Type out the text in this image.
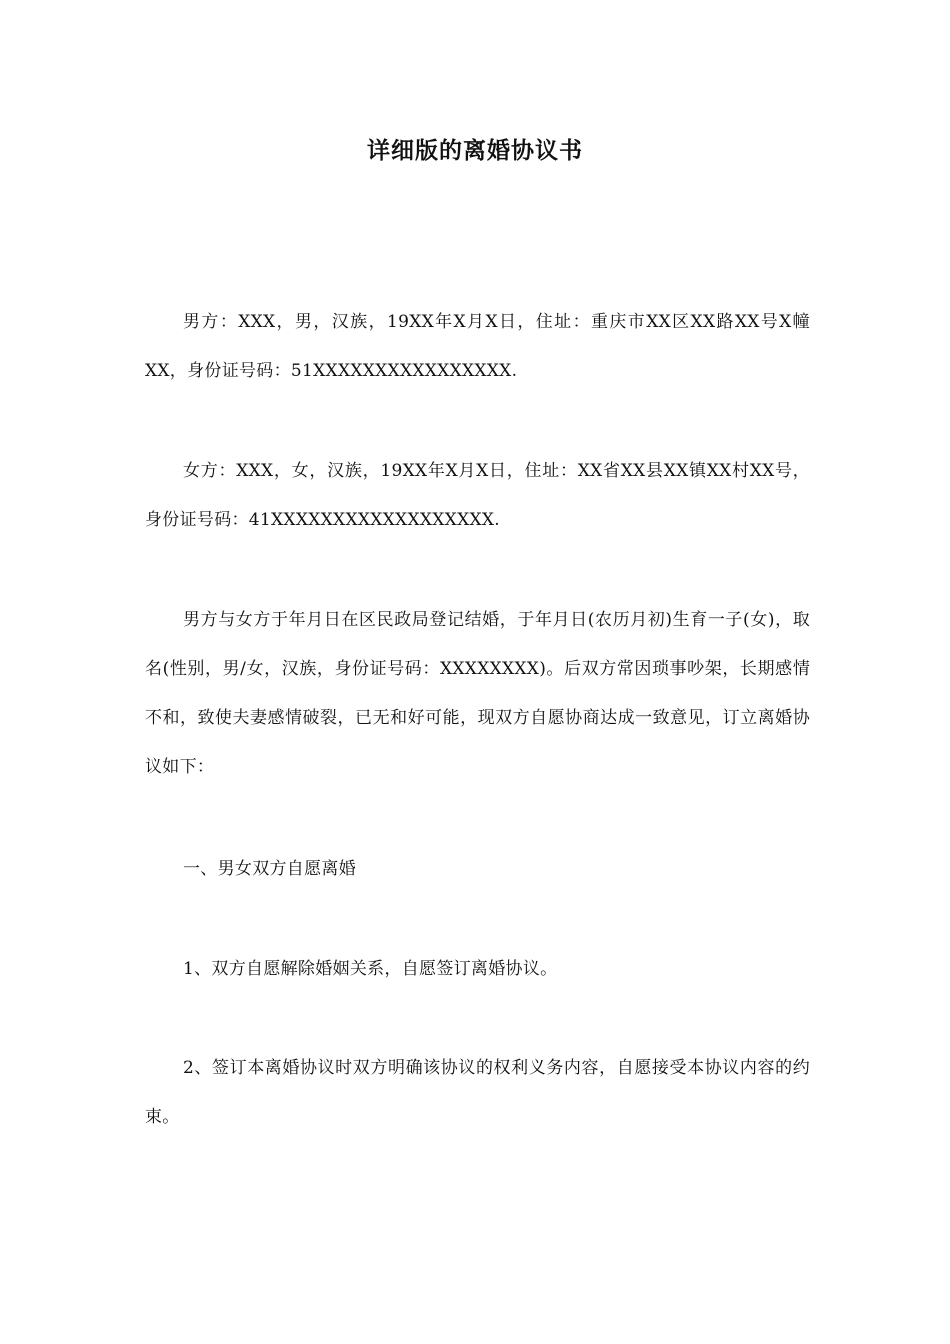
详细版的离婚协议书

男方：XXX，男，汉族，19XX年X月X日，住址：重庆市XX区XX路XX号X幢XX，身份证号码：51XXXXXXXXXXXXXXXX.

女方：XXX，女，汉族，19XX年X月X日，住址：XX省XX县XX镇XX村XX号，身份证号码：41XXXXXXXXXXXXXXXXXX.

男方与女方于年月日在区民政局登记结婚，于年月日(农历月初)生育一子(女)，取名(性别，男/女，汉族，身份证号码：XXXXXXXX)。后双方常因琐事吵架，长期感情不和，致使夫妻感情破裂，已无和好可能，现双方自愿协商达成一致意见，订立离婚协议如下：

一、男女双方自愿离婚

1、双方自愿解除婚姻关系，自愿签订离婚协议。

2、签订本离婚协议时双方明确该协议的权利义务内容，自愿接受本协议内容的约束。
